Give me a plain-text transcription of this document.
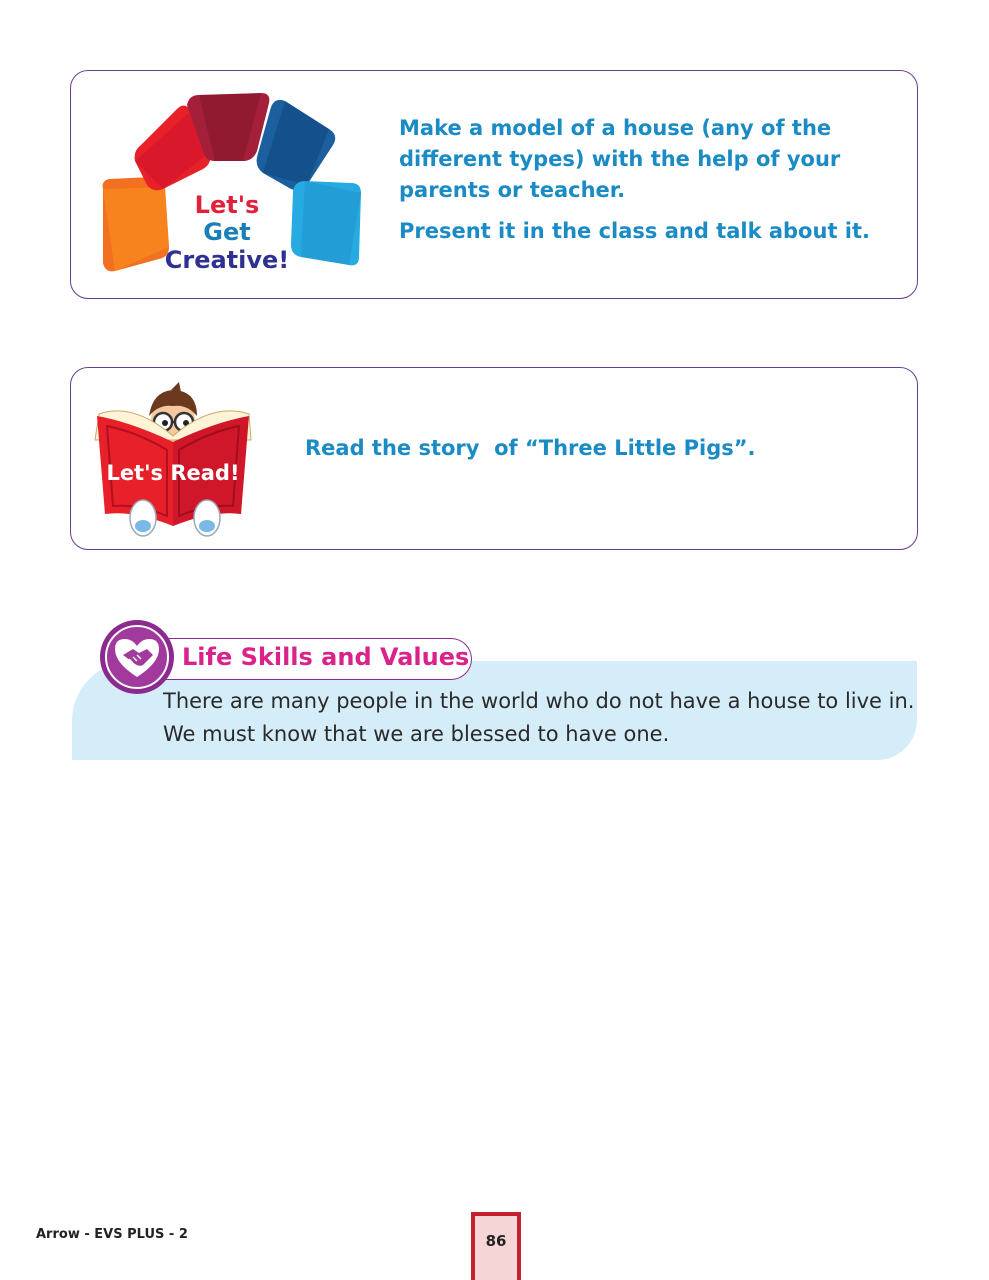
Let's
Get
Creative!

Make a model of a house (any of the different types) with the help of your parents or teacher.

Present it in the class and talk about it.

Let's Read!
Read the story  of “Three Little Pigs”.
Life Skills and Values
There are many people in the world who do not have a house to live in. We must know that we are blessed to have one.
Arrow - EVS PLUS - 2	86
